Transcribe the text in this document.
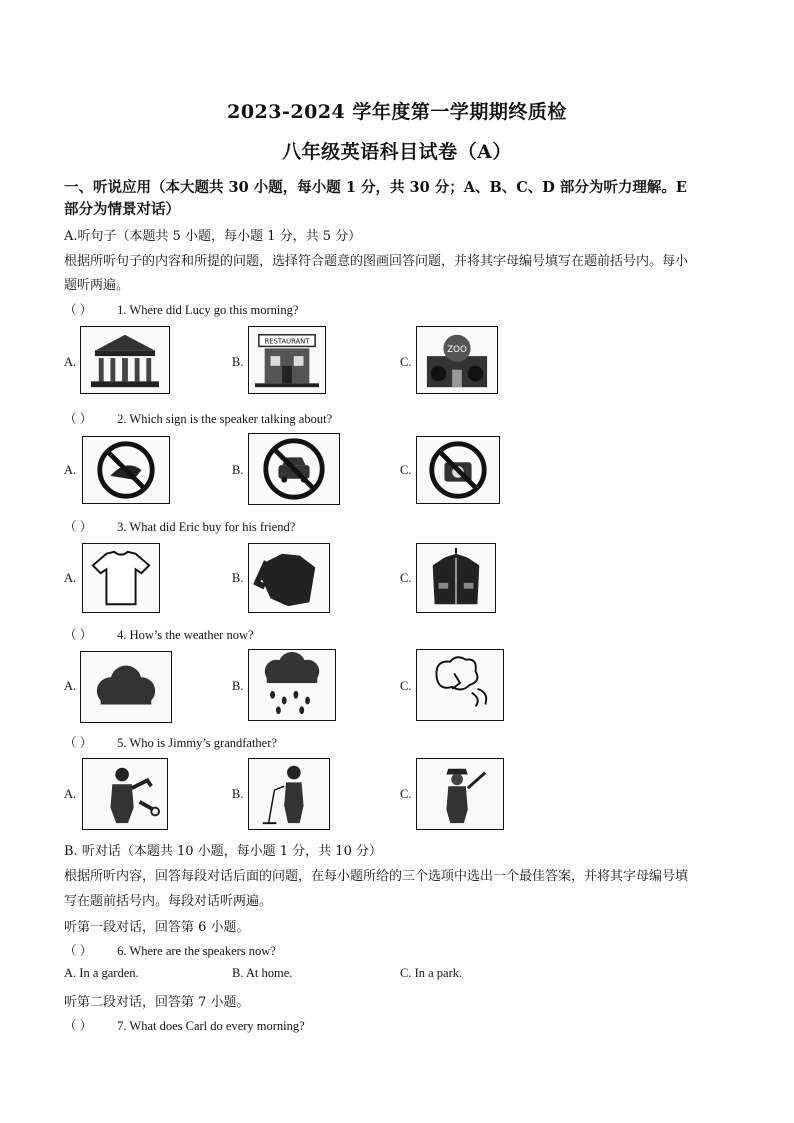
2023-2024 学年度第一学期期终质检
八年级英语科目试卷（A）
一、听说应用（本大题共 30 小题，每小题 1 分，共 30 分；A、B、C、D 部分为听力理解。E
部分为情景对话）
A.听句子（本题共 5 小题，每小题 1 分，共 5 分）
根据所听句子的内容和所提的问题，选择符合题意的图画回答问题，并将其字母编号填写在题前括号内。每小
题听两遍。
（ ） 1. Where did Lucy go this morning?
A.	B.
RESTAURANT
C.
ZOO
（ ） 2. Which sign is the speaker talking about?
A.	B.	C.
（ ） 3. What did Eric buy for his friend?
A.	B.	C.
（ ） 4. How’s the weather now?
A.	B.	C.
（ ） 5. Who is Jimmy’s grandfather?
A.	B.	C.
B. 听对话（本题共 10 小题，每小题 1 分，共 10 分）
根据所听内容，回答每段对话后面的问题，在每小题所给的三个选项中选出一个最佳答案，并将其字母编号填
写在题前括号内。每段对话听两遍。
听第一段对话，回答第 6 小题。
（ ） 6. Where are the speakers now?
A. In a garden.	B. At home.	C. In a park.
听第二段对话，回答第 7 小题。
（ ） 7. What does Carl do every morning?
